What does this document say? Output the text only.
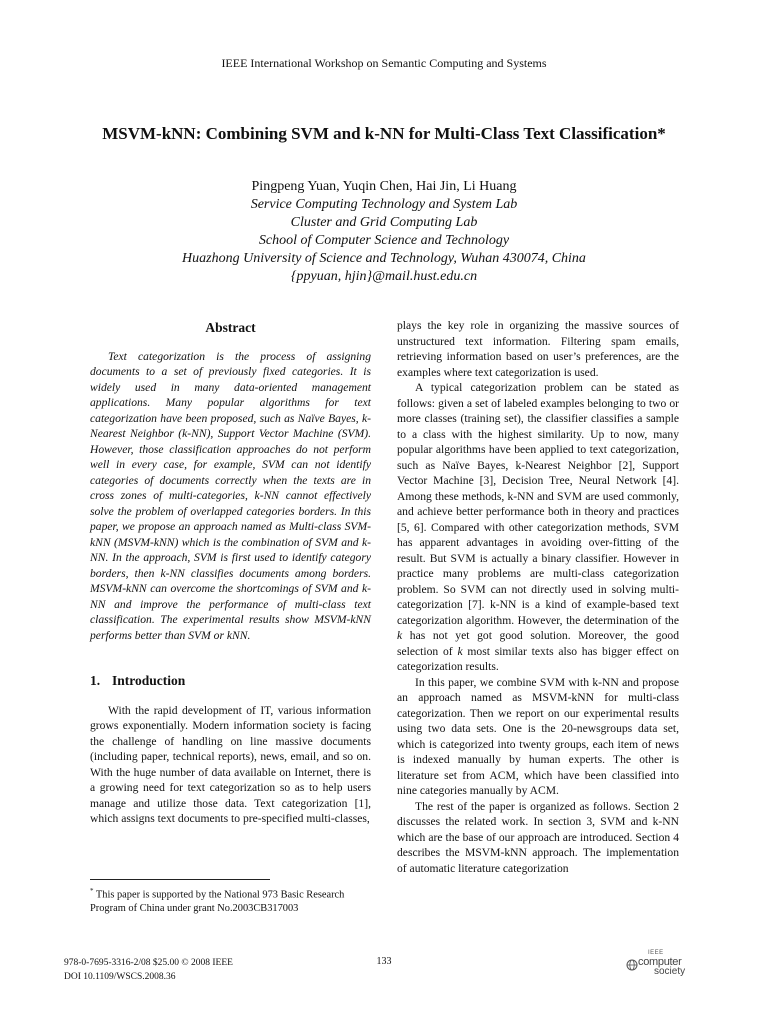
IEEE International Workshop on Semantic Computing and Systems
MSVM-kNN: Combining SVM and k-NN for Multi-Class Text Classification*
Pingpeng Yuan, Yuqin Chen, Hai Jin, Li Huang
Service Computing Technology and System Lab
Cluster and Grid Computing Lab
School of Computer Science and Technology
Huazhong University of Science and Technology, Wuhan 430074, China
{ppyuan, hjin}@mail.hust.edu.cn
Abstract

Text categorization is the process of assigning documents to a set of previously fixed categories. It is widely used in many data-oriented management applications. Many popular algorithms for text categorization have been proposed, such as Naïve Bayes, k-Nearest Neighbor (k-NN), Support Vector Machine (SVM). However, those classification approaches do not perform well in every case, for example, SVM can not identify categories of documents correctly when the texts are in cross zones of multi-categories, k-NN cannot effectively solve the problem of overlapped categories borders. In this paper, we propose an approach named as Multi-class SVM-kNN (MSVM-kNN) which is the combination of SVM and k-NN. In the approach, SVM is first used to identify category borders, then k-NN classifies documents among borders. MSVM-kNN can overcome the shortcomings of SVM and k-NN and improve the performance of multi-class text classification. The experimental results show MSVM-kNN performs better than SVM or kNN.

1. Introduction

With the rapid development of IT, various information grows exponentially. Modern information society is facing the challenge of handling on line massive documents (including paper, technical reports), news, email, and so on. With the huge number of data available on Internet, there is a growing need for text categorization so as to help users manage and utilize those data. Text categorization [1], which assigns text documents to pre-specified multi-classes,

plays the key role in organizing the massive sources of unstructured text information. Filtering spam emails, retrieving information based on user’s preferences, are the examples where text categorization is used.

A typical categorization problem can be stated as follows: given a set of labeled examples belonging to two or more classes (training set), the classifier classifies a sample to a class with the highest similarity. Up to now, many popular algorithms have been applied to text categorization, such as Naïve Bayes, k-Nearest Neighbor [2], Support Vector Machine [3], Decision Tree, Neural Network [4]. Among these methods, k-NN and SVM are used commonly, and achieve better performance both in theory and practices [5, 6]. Compared with other categorization methods, SVM has apparent advantages in avoiding over-fitting of the result. But SVM is actually a binary classifier. However in practice many problems are multi-class categorization problem. So SVM can not directly used in solving multi-categorization [7]. k-NN is a kind of example-based text categorization algorithm. However, the determination of the k has not yet got good solution. Moreover, the good selection of k most similar texts also has bigger effect on categorization results.

In this paper, we combine SVM with k-NN and propose an approach named as MSVM-kNN for multi-class categorization. Then we report on our experimental results using two data sets. One is the 20-newsgroups data set, which is categorized into twenty groups, each item of news is indexed manually by human experts. The other is literature set from ACM, which have been classified into nine categories manually by ACM.

The rest of the paper is organized as follows. Section 2 discusses the related work. In section 3, SVM and k-NN which are the base of our approach are introduced. Section 4 describes the MSVM-kNN approach. The implementation of automatic literature categorization

* This paper is supported by the National 973 Basic Research Program of China under grant No.2003CB317003
978-0-7695-3316-2/08 $25.00 © 2008 IEEE
DOI 10.1109/WSCS.2008.36
133
IEEE
computer
society
